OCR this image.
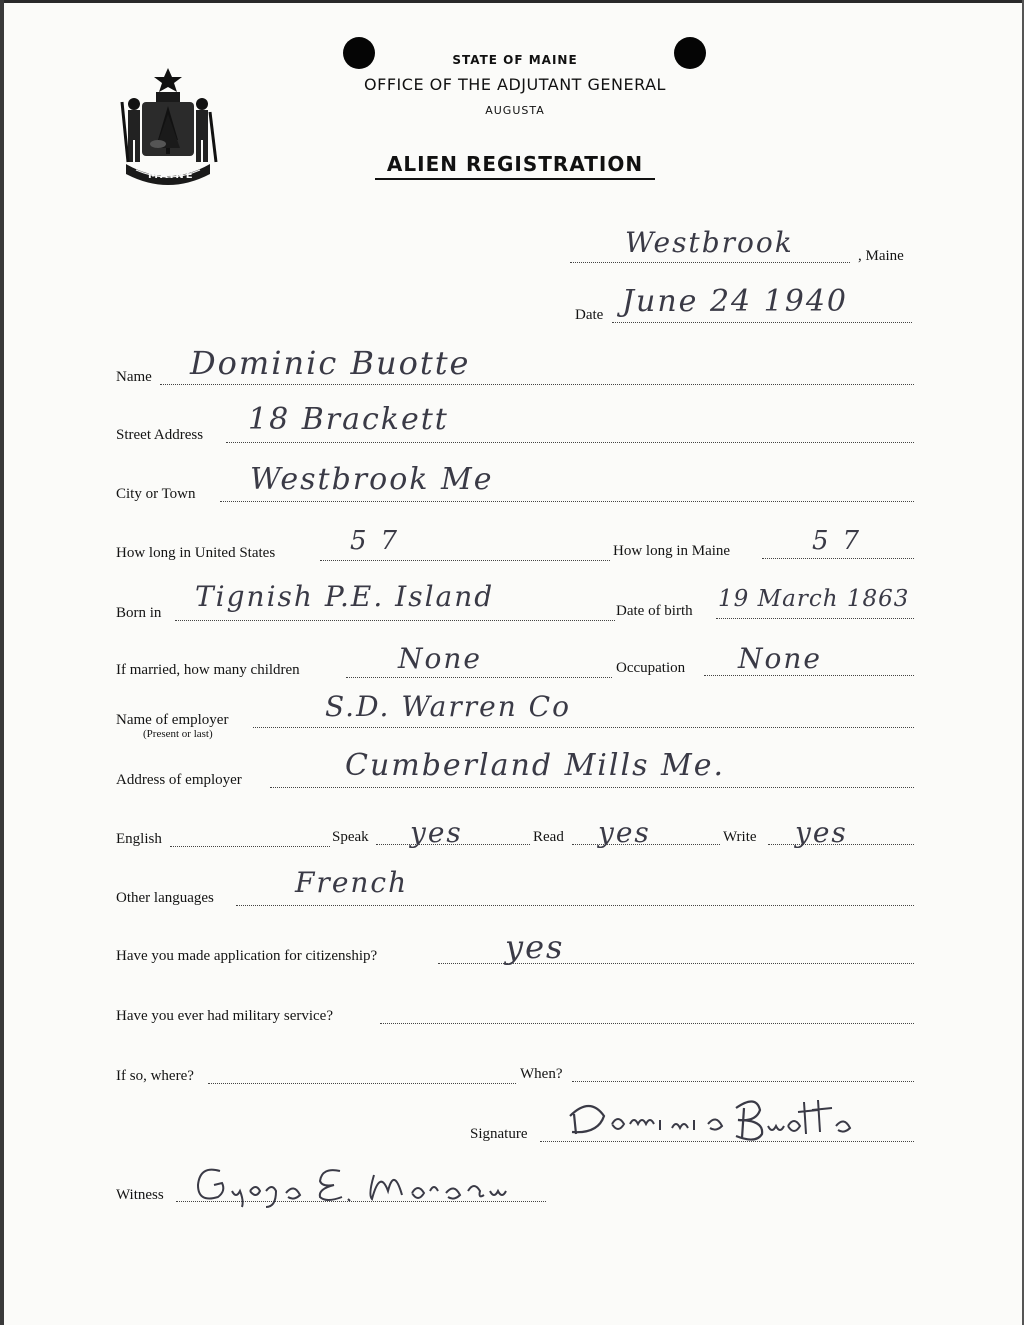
MAINE
STATE OF MAINE
OFFICE OF THE ADJUTANT GENERAL
AUGUSTA
ALIEN REGISTRATION
Westbrook	, Maine
Date June 24 1940
Name Dominic Buotte
Street Address 18 Brackett
City or Town Westbrook Me
How long in United States	57	How long in Maine	57
Born in Tignish P.E. Island	Date of birth 19 March 1863
If married, how many children	None	Occupation None
Name of employer
(Present or last)
S.D. Warren Co
Address of employer	Cumberland Mills Me.
English	Speak yes	Read yes	Write yes
Other languages	French
Have you made application for citizenship?	yes
Have you ever had military service?
If so, where?	When?
Signature
Witness
